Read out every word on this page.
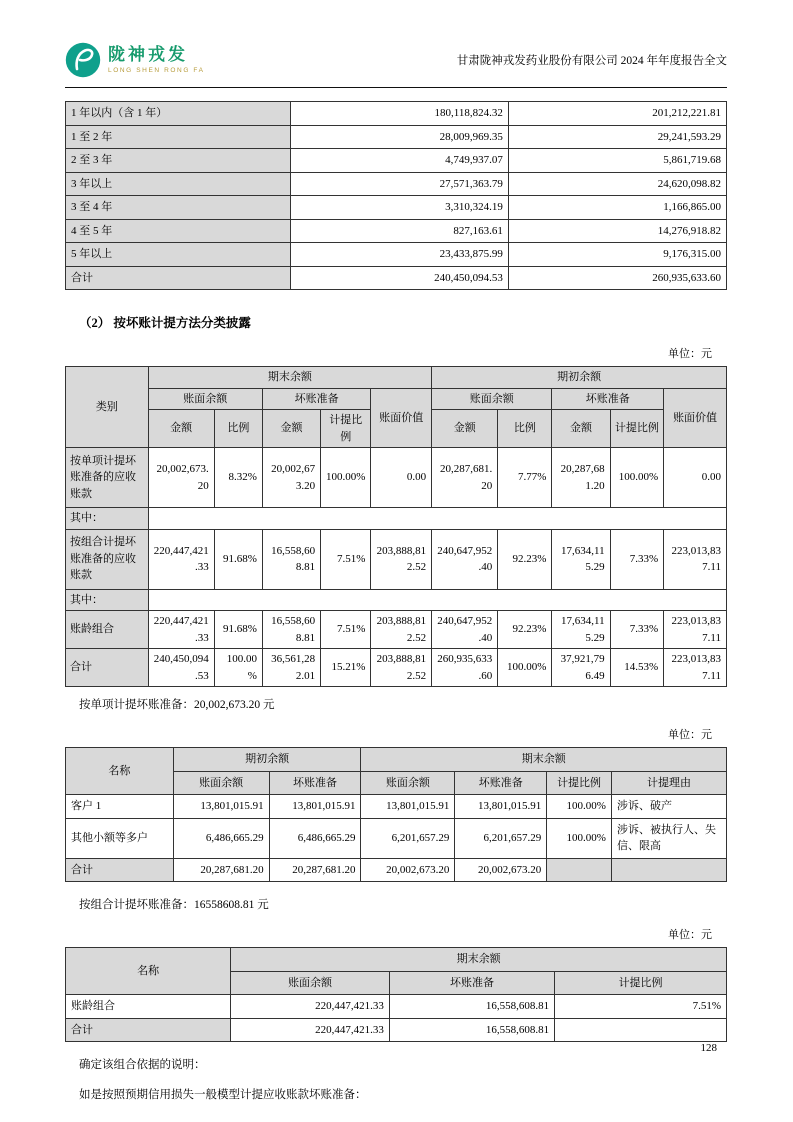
陇神戎发
LONG SHEN RONG FA
甘肃陇神戎发药业股份有限公司 2024 年年度报告全文
1 年以内（含 1 年）	180,118,824.32	201,212,221.81
1 至 2 年	28,009,969.35	29,241,593.29
2 至 3 年	4,749,937.07	5,861,719.68
3 年以上	27,571,363.79	24,620,098.82
3 至 4 年	3,310,324.19	1,166,865.00
4 至 5 年	827,163.61	14,276,918.82
5 年以上	23,433,875.99	9,176,315.00
合计	240,450,094.53	260,935,633.60
（2） 按坏账计提方法分类披露
单位：元
类别	期末余额					期初余额				
	账面余额		坏账准备		账面价值	账面余额		坏账准备		账面价值
	金额	比例	金额	计提比例		金额	比例	金额	计提比例	
按单项计提坏账准备的应收账款	20,002,673.20	8.32%	20,002,673.20	100.00%	0.00	20,287,681.20	7.77%	20,287,681.20	100.00%	0.00
其中：										
按组合计提坏账准备的应收账款	220,447,421.33	91.68%	16,558,608.81	7.51%	203,888,812.52	240,647,952.40	92.23%	17,634,115.29	7.33%	223,013,837.11
其中：										
账龄组合	220,447,421.33	91.68%	16,558,608.81	7.51%	203,888,812.52	240,647,952.40	92.23%	17,634,115.29	7.33%	223,013,837.11
合计	240,450,094.53	100.00%	36,561,282.01	15.21%	203,888,812.52	260,935,633.60	100.00%	37,921,796.49	14.53%	223,013,837.11
按单项计提坏账准备：20,002,673.20 元
单位：元
名称	期初余额		期末余额			
	账面余额	坏账准备	账面余额	坏账准备	计提比例	计提理由
客户 1	13,801,015.91	13,801,015.91	13,801,015.91	13,801,015.91	100.00%	涉诉、破产
其他小额等多户	6,486,665.29	6,486,665.29	6,201,657.29	6,201,657.29	100.00%	涉诉、被执行人、失信、限高
合计	20,287,681.20	20,287,681.20	20,002,673.20	20,002,673.20		
按组合计提坏账准备：16558608.81 元
单位：元
名称	期末余额		
	账面余额	坏账准备	计提比例
账龄组合	220,447,421.33	16,558,608.81	7.51%
合计	220,447,421.33	16,558,608.81	
确定该组合依据的说明：
如是按照预期信用损失一般模型计提应收账款坏账准备：
128
